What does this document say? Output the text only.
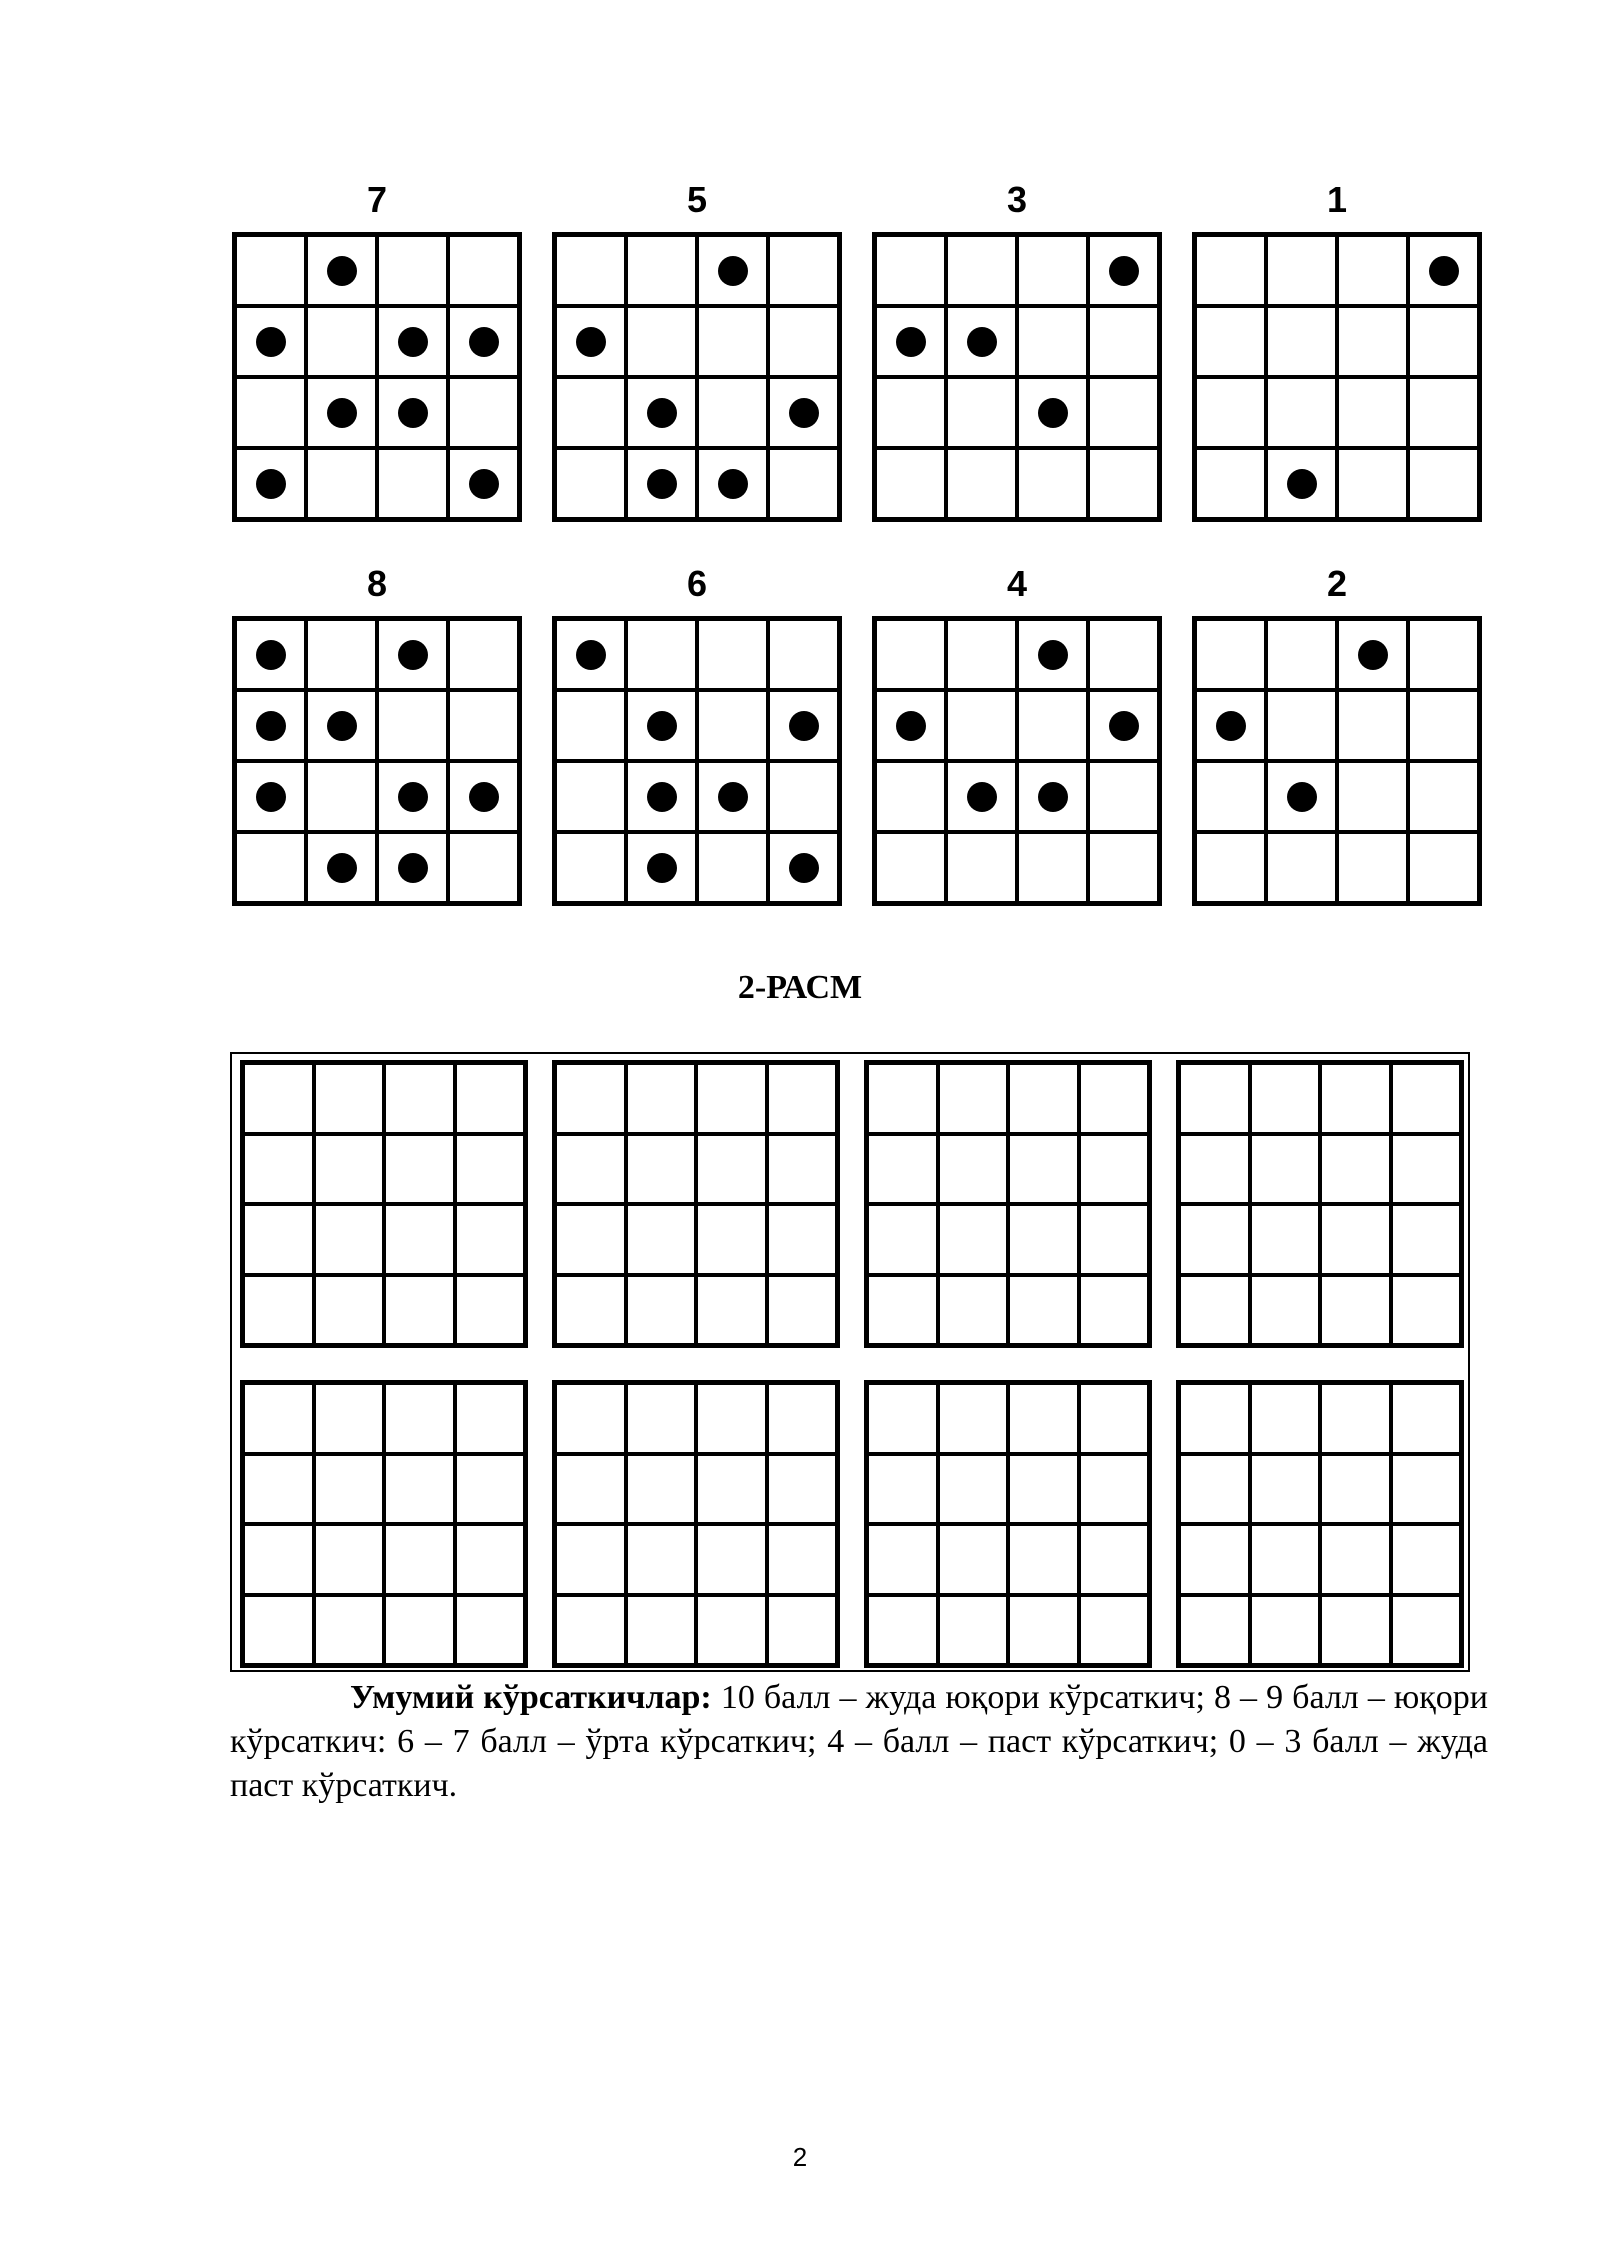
7	5	3	1
8	6	4	2
2-РАСМ
Умумий кўрсаткичлар: 10 балл – жуда юқори кўрсаткич; 8 – 9 балл – юқори кўрсаткич: 6 – 7 балл – ўрта кўрсаткич; 4 – балл – паст кўрсаткич; 0 – 3 балл – жуда паст кўрсаткич.
2
